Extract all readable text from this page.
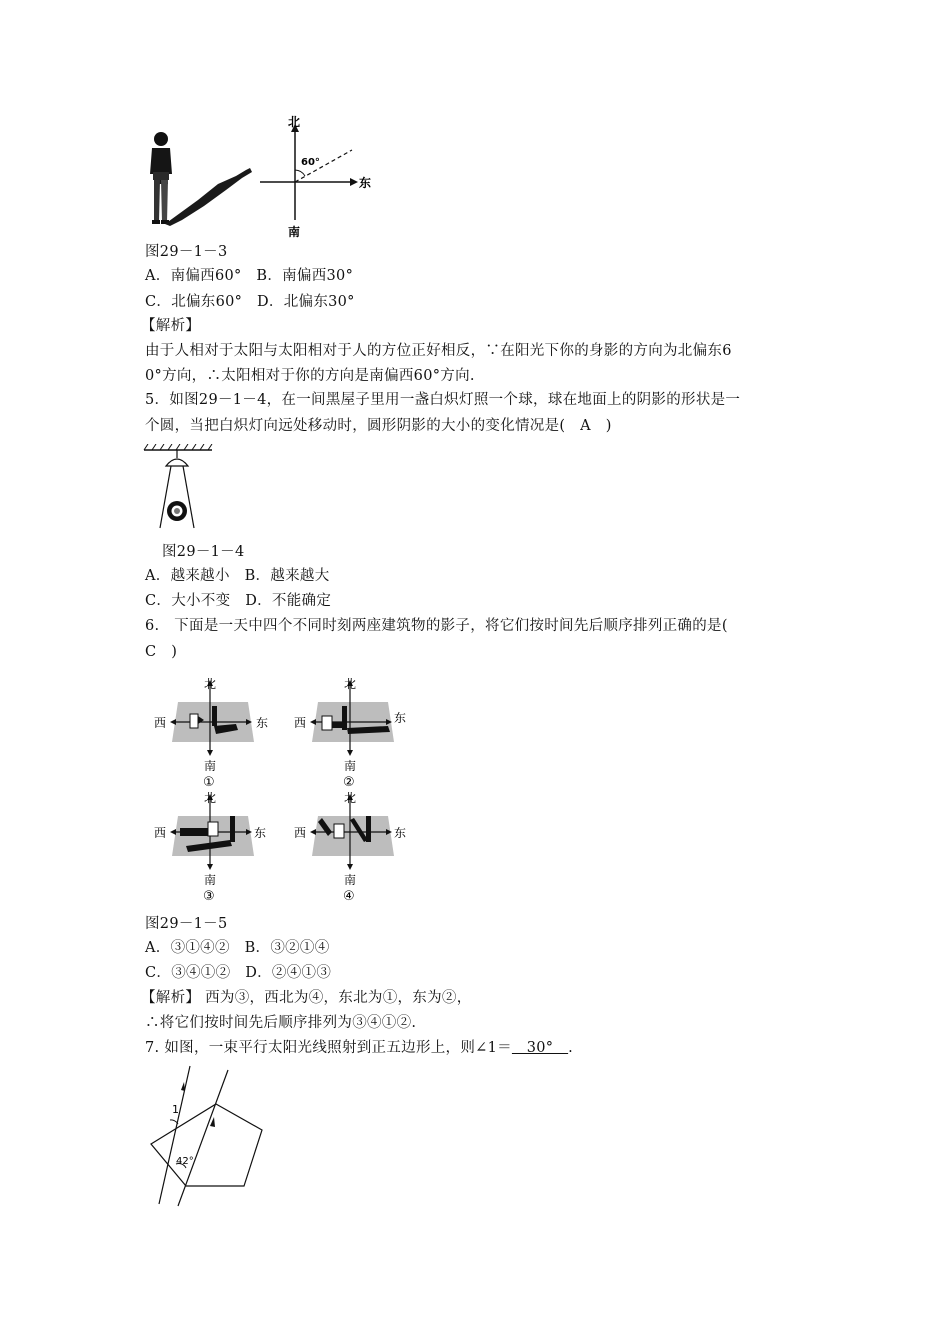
北
南
东
60°
图29－1－3
A．南偏西60°　B．南偏西30°
C．北偏东60°　D．北偏东30°
【解析】
由于人相对于太阳与太阳相对于人的方位正好相反，∵在阳光下你的身影的方向为北偏东6
0°方向，∴太阳相对于你的方向是南偏西60°方向.
5．如图29－1－4，在一间黑屋子里用一盏白炽灯照一个球，球在地面上的阴影的形状是一
个圆，当把白炽灯向远处移动时，圆形阴影的大小的变化情况是(　A　)
图29－1－4
A．越来越小　B．越来越大
C．大小不变　D．不能确定
6.　下面是一天中四个不同时刻两座建筑物的影子，将它们按时间先后顺序排列正确的是(
C　)
北
南
西	东
①
北
南
西	东
②
北
南
西	东
③
北
南
西	东
④
图29－1－5
A．③①④②　B．③②①④
C．③④①②　D．②④①③
【解析】 西为③，西北为④，东北为①，东为②，
∴将它们按时间先后顺序排列为③④①②.
7. 如图，一束平行太阳光线照射到正五边形上，则∠1＝　30°　.
1
42°
